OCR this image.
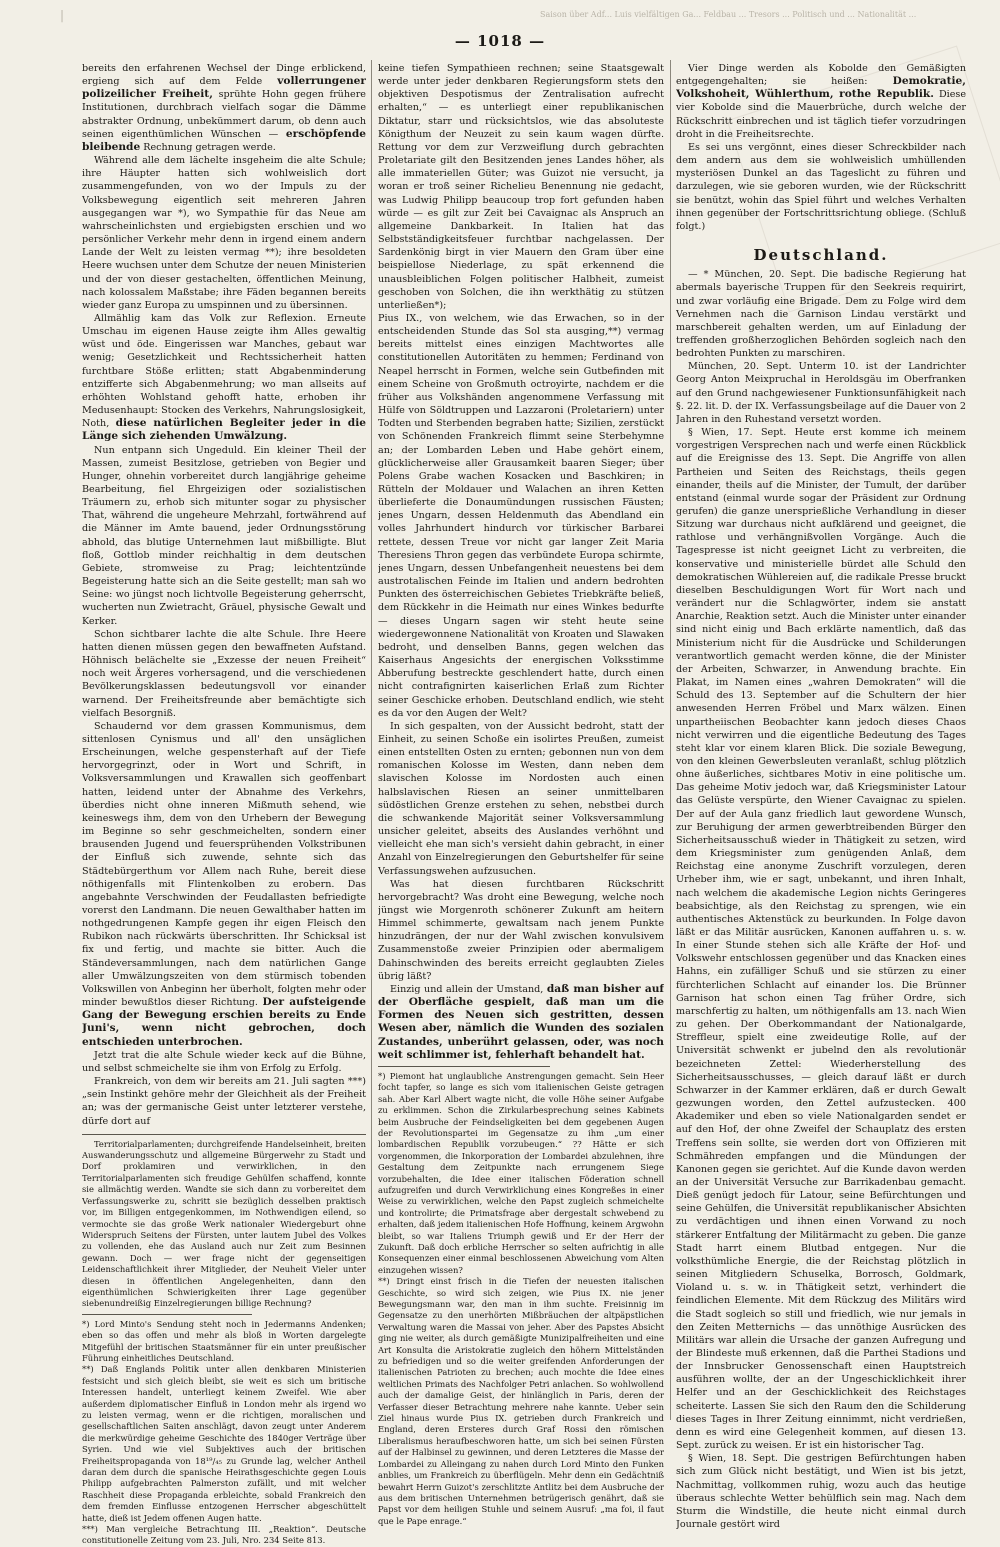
|	Saison über Adf... Luis vielfältigen Ga... Feldbau ... Tresors ... Politisch und ... Nationalität ...
— 1018 —

bereits den erfahrenen Wechsel der Dinge erblickend, ergieng sich auf dem Felde vollerrungener polizeilicher Freiheit, sprühte Hohn gegen frühere Institutionen, durchbrach vielfach sogar die Dämme abstrakter Ordnung, unbekümmert darum, ob denn auch seinen eigenthümlichen Wünschen — erschöpfende bleibende Rechnung getragen werde.

Während alle dem lächelte insgeheim die alte Schule; ihre Häupter hatten sich wohlweislich dort zusammengefunden, von wo der Impuls zu der Volksbewegung eigentlich seit mehreren Jahren ausgegangen war *), wo Sympathie für das Neue am wahrscheinlichsten und ergiebigsten erschien und wo persönlicher Verkehr mehr denn in irgend einem andern Lande der Welt zu leisten vermag **); ihre besoldeten Heere wuchsen unter dem Schutze der neuen Ministerien und der von dieser gestachelten, öffentlichen Meinung, nach kolossalem Maßstabe; ihre Fäden begannen bereits wieder ganz Europa zu umspinnen und zu übersinnen.

Allmählig kam das Volk zur Reflexion. Erneute Umschau im eigenen Hause zeigte ihm Alles gewaltig wüst und öde. Eingerissen war Manches, gebaut war wenig; Gesetzlichkeit und Rechtssicherheit hatten furchtbare Stöße erlitten; statt Abgabenminderung entzifferte sich Abgabenmehrung; wo man allseits auf erhöhten Wohlstand gehofft hatte, erhoben ihr Medusenhaupt: Stocken des Verkehrs, Nahrungslosigkeit, Noth, diese natürlichen Begleiter jeder in die Länge sich ziehenden Umwälzung.

Nun entpann sich Ungeduld. Ein kleiner Theil der Massen, zumeist Besitzlose, getrieben von Begier und Hunger, ohnehin vorbereitet durch langjährige geheime Bearbeitung, fiel Ehrgeizigen oder sozialistischen Träumern zu, erhob sich mitunter sogar zu physischer That, während die ungeheure Mehrzahl, fortwährend auf die Männer im Amte bauend, jeder Ordnungsstörung abhold, das blutige Unternehmen laut mißbilligte. Blut floß, Gottlob minder reichhaltig in dem deutschen Gebiete, stromweise zu Prag; leichtentzünde Begeisterung hatte sich an die Seite gestellt; man sah wo Seine: wo jüngst noch lichtvolle Begeisterung geherrscht, wucherten nun Zwietracht, Gräuel, physische Gewalt und Kerker.

Schon sichtbarer lachte die alte Schule. Ihre Heere hatten dienen müssen gegen den bewaffneten Aufstand. Höhnisch belächelte sie „Exzesse der neuen Freiheit“ noch weit Ärgeres vorhersagend, und die verschiedenen Bevölkerungsklassen bedeutungsvoll vor einander warnend. Der Freiheitsfreunde aber bemächtigte sich vielfach Besorgniß.

Schaudernd vor dem grassen Kommunismus, dem sittenlosen Cynismus und all' den unsäglichen Erscheinungen, welche gespensterhaft auf der Tiefe hervorgegrinzt, oder in Wort und Schrift, in Volksversammlungen und Krawallen sich geoffenbart hatten, leidend unter der Abnahme des Verkehrs, überdies nicht ohne inneren Mißmuth sehend, wie keineswegs ihm, dem von den Urhebern der Bewegung im Beginne so sehr geschmeichelten, sondern einer brausenden Jugend und feuersprühenden Volkstribunen der Einfluß sich zuwende, sehnte sich das Städtebürgerthum vor Allem nach Ruhe, bereit diese nöthigenfalls mit Flintenkolben zu erobern. Das angebahnte Verschwinden der Feudallasten befriedigte vorerst den Landmann. Die neuen Gewalthaber hatten im nothgedrungenen Kampfe gegen ihr eigen Fleisch den Rubikon nach rückwärts überschritten. Ihr Schicksal ist fix und fertig, und machte sie bitter. Auch die Ständeversammlungen, nach dem natürlichen Gange aller Umwälzungszeiten von dem stürmisch tobenden Volkswillen von Anbeginn her überholt, folgten mehr oder minder bewußtlos dieser Richtung. Der aufsteigende Gang der Bewegung erschien bereits zu Ende Juni's, wenn nicht gebrochen, doch entschieden unterbrochen.

Jetzt trat die alte Schule wieder keck auf die Bühne, und selbst schmeichelte sie ihm von Erfolg zu Erfolg.

Frankreich, von dem wir bereits am 21. Juli sagten ***) „sein Instinkt gehöre mehr der Gleichheit als der Freiheit an; was der germanische Geist unter letzterer verstehe, dürfe dort auf

Territorialparlamenten; durchgreifende Handelseinheit, breiten Auswanderungsschutz und allgemeine Bürgerwehr zu Stadt und Dorf proklamiren und verwirklichen, in den Territorialparlamenten sich freudige Gehülfen schaffend, konnte sie allmächtig werden. Wandte sie sich dann zu vorbereitet dem Verfassungswerke zu, schritt sie bezüglich desselben praktisch vor, im Billigen entgegenkommen, im Nothwendigen eilend, so vermochte sie das große Werk nationaler Wiedergeburt ohne Widerspruch Seitens der Fürsten, unter lautem Jubel des Volkes zu vollenden, ehe das Ausland auch nur Zeit zum Besinnen gewann. Doch — wer frage nicht der gegenseitigen Leidenschaftlichkeit ihrer Mitglieder, der Neuheit Vieler unter diesen in öffentlichen Angelegenheiten, dann den eigenthümlichen Schwierigkeiten ihrer Lage gegenüber siebenundreißig Einzelregierungen billige Rechnung?

*) Lord Minto's Sendung steht noch in Jedermanns Andenken; eben so das offen und mehr als bloß in Worten dargelegte Mitgefühl der britischen Staatsmänner für ein unter preußischer Führung einheitliches Deutschland.

**) Daß Englands Politik unter allen denkbaren Ministerien festsicht und sich gleich bleibt, sie weit es sich um britische Interessen handelt, unterliegt keinem Zweifel. Wie aber außerdem diplomatischer Einfluß in London mehr als irgend wo zu leisten vermag, wenn er die richtigen, moralischen und gesellschaftlichen Saiten anschlägt, davon zeugt unter Anderem die merkwürdige geheime Geschichte des 1840ger Verträge über Syrien. Und wie viel Subjektives auch der britischen Freiheitspropaganda von 18¹⁹/₄₅ zu Grunde lag, welcher Antheil daran dem durch die spanische Heirathsgeschichte gegen Louis Philipp aufgebrachten Palmerston zufällt, und mit welcher Raschheit diese Propaganda erbleichte, sobald Frankreich den dem fremden Einflusse entzogenen Herrscher abgeschüttelt hatte, dieß ist Jedem offenen Augen hatte.

***) Man vergleiche Betrachtung III. „Reaktion“. Deutsche constitutionelle Zeitung vom 23. Juli, Nro. 234 Seite 813.

keine tiefen Sympathieen rechnen; seine Staatsgewalt werde unter jeder denkbaren Regierungsform stets den objektiven Despotismus der Zentralisation aufrecht erhalten,“ — es unterliegt einer republikanischen Diktatur, starr und rücksichtslos, wie das absoluteste Königthum der Neuzeit zu sein kaum wagen dürfte. Rettung vor dem zur Verzweiflung durch gebrachten Proletariate gilt den Besitzenden jenes Landes höher, als alle immateriellen Güter; was Guizot nie versucht, ja woran er troß seiner Richelieu Benennung nie gedacht, was Ludwig Philipp beaucoup trop fort gefunden haben würde — es gilt zur Zeit bei Cavaignac als Anspruch an allgemeine Dankbarkeit. In Italien hat das Selbstständigkeitsfeuer furchtbar nachgelassen. Der Sardenkönig birgt in vier Mauern den Gram über eine beispiellose Niederlage, zu spät erkennend die unausbleiblichen Folgen politischer Halbheit, zumeist geschoben von Solchen, die ihn werkthätig zu stützen unterließen*);

Pius IX., von welchem, wie das Erwachen, so in der entscheidenden Stunde das Sol sta ausging,**) vermag bereits mittelst eines einzigen Machtwortes alle constitutionellen Autoritäten zu hemmen; Ferdinand von Neapel herrscht in Formen, welche sein Gutbefinden mit einem Scheine von Großmuth octroyirte, nachdem er die früher aus Volkshänden angenommene Verfassung mit Hülfe von Söldtruppen und Lazzaroni (Proletariern) unter Todten und Sterbenden begraben hatte; Sizilien, zerstückt von Schönenden Frankreich flimmt seine Sterbehymne an; der Lombarden Leben und Habe gehört einem, glücklicherweise aller Grausamkeit baaren Sieger; über Polens Grabe wachen Kosacken und Baschkiren; in Rütteln der Moldauer und Walachen an ihren Ketten überlieferte die Donaumündungen russischen Fäusten; jenes Ungarn, dessen Heldenmuth das Abendland ein volles Jahrhundert hindurch vor türkischer Barbarei rettete, dessen Treue vor nicht gar langer Zeit Maria Theresiens Thron gegen das verbündete Europa schirmte, jenes Ungarn, dessen Unbefangenheit neuestens bei dem austrotalischen Feinde im Italien und andern bedrohten Punkten des österreichischen Gebietes Triebkräfte beließ, dem Rückkehr in die Heimath nur eines Winkes bedurfte — dieses Ungarn sagen wir steht heute seine wiedergewonnene Nationalität von Kroaten und Slawaken bedroht, und denselben Banns, gegen welchen das Kaiserhaus Angesichts der energischen Volksstimme Abberufung bestreckte geschlendert hatte, durch einen nicht contrafignirten kaiserlichen Erlaß zum Richter seiner Geschicke erhoben. Deutschland endlich, wie steht es da vor den Augen der Welt?

In sich gespalten, von der Aussicht bedroht, statt der Einheit, zu seinen Schoße ein isolirtes Preußen, zumeist einen entstellten Osten zu ernten; gebonnen nun von dem romanischen Kolosse im Westen, dann neben dem slavischen Kolosse im Nordosten auch einen halbslavischen Riesen an seiner unmittelbaren südöstlichen Grenze erstehen zu sehen, nebstbei durch die schwankende Majorität seiner Volksversammlung unsicher geleitet, abseits des Auslandes verhöhnt und vielleicht ehe man sich's versieht dahin gebracht, in einer Anzahl von Einzelregierungen den Geburtshelfer für seine Verfassungswehen aufzusuchen.

Was hat diesen furchtbaren Rückschritt hervorgebracht? Was droht eine Bewegung, welche noch jüngst wie Morgenroth schönerer Zukunft am heitern Himmel schimmerte, gewaltsam nach jenem Punkte hinzudrängen, der nur der Wahl zwischen konvulsivem Zusammenstoße zweier Prinzipien oder abermaligem Dahinschwinden des bereits erreicht geglaubten Zieles übrig läßt?

Einzig und allein der Umstand, daß man bisher auf der Oberfläche gespielt, daß man um die Formen des Neuen sich gestritten, dessen Wesen aber, nämlich die Wunden des sozialen Zustandes, unberührt gelassen, oder, was noch weit schlimmer ist, fehlerhaft behandelt hat.

*) Piemont hat unglaubliche Anstrengungen gemacht. Sein Heer focht tapfer, so lange es sich vom italienischen Geiste getragen sah. Aber Karl Albert wagte nicht, die volle Höhe seiner Aufgabe zu erklimmen. Schon die Zirkularbesprechung seines Kabinets beim Ausbruche der Feindseligkeiten bei dem gegebenen Augen der Revolutionspartei im Gegensatze zu ihm „um einer lombardischen Republik vorzubeugen.“ ?? Hätte er sich vorgenommen, die Inkorporation der Lombardei abzulehnen, ihre Gestaltung dem Zeitpunkte nach errungenem Siege vorzubehalten, die Idee einer italischen Föderation schnell aufzugreifen und durch Verwirklichung eines Kongreßes in einer Weise zu verwirklichen, welche den Papst zugleich schmeichelte und kontrolirte; die Primatsfrage aber dergestalt schwebend zu erhalten, daß jedem italienischen Hofe Hoffnung, keinem Argwohn bleibt, so war Italiens Triumph gewiß und Er der Herr der Zukunft. Daß doch erbliche Herrscher so selten aufrichtig in alle Konsequenzen einer einmal beschlossenen Abweichung vom Alten einzugehen wissen?

**) Dringt einst frisch in die Tiefen der neuesten italischen Geschichte, so wird sich zeigen, wie Pius IX. nie jener Bewegungsmann war, den man in ihm suchte. Freisinnig im Gegensatze zu den unerhörten Mißbräuchen der altpäpstlichen Verwaltung waren die Massai von jeher. Aber des Papstes Absicht ging nie weiter, als durch gemäßigte Munizipalfreiheiten und eine Art Konsulta die Aristokratie zugleich den höhern Mittelständen zu befriedigen und so die weiter greifenden Anforderungen der italienischen Patrioten zu brechen; auch mochte die Idee eines weltlichen Primats des Nachfolger Petri anlachen. So wohlwollend auch der damalige Geist, der hinlänglich in Paris, deren der Verfasser dieser Betrachtung mehrere nahe kannte. Ueber sein Ziel hinaus wurde Pius IX. getrieben durch Frankreich und England, deren Ersteres durch Graf Rossi den römischen Liberalismus heraufbeschworen hatte, um sich bei seinen Fürsten auf der Halbinsel zu gewinnen, und deren Letzteres die Masse der Lombardei zu Alleingang zu nahen durch Lord Minto den Funken anblies, um Frankreich zu überflügeln. Mehr denn ein Gedächtniß bewahrt Herrn Guizot's zerschlitzte Antlitz bei dem Ausbruche der aus dem britischen Unternehmen betrügerisch genährt, daß sie Papst vor dem heiligen Stuhle und seinem Ausruf: „ma foi, il faut que le Pape enrage.“

Vier Dinge werden als Kobolde den Gemäßigten entgegengehalten; sie heißen: Demokratie, Volkshoheit, Wühlerthum, rothe Republik. Diese vier Kobolde sind die Mauerbrüche, durch welche der Rückschritt einbrechen und ist täglich tiefer vorzudringen droht in die Freiheitsrechte.

Es sei uns vergönnt, eines dieser Schreckbilder nach dem andern aus dem sie wohlweislich umhüllenden mysteriösen Dunkel an das Tageslicht zu führen und darzulegen, wie sie geboren wurden, wie der Rückschritt sie benützt, wohin das Spiel führt und welches Verhalten ihnen gegenüber der Fortschrittsrichtung obliege. (Schluß folgt.)

Deutschland.

— * München, 20. Sept. Die badische Regierung hat abermals bayerische Truppen für den Seekreis requirirt, und zwar vorläufig eine Brigade. Dem zu Folge wird dem Vernehmen nach die Garnison Lindau verstärkt und marschbereit gehalten werden, um auf Einladung der treffenden großherzoglichen Behörden sogleich nach den bedrohten Punkten zu marschiren.

München, 20. Sept. Unterm 10. ist der Landrichter Georg Anton Meixpruchal in Heroldsgäu im Oberfranken auf den Grund nachgewiesener Funktionsunfähigkeit nach §. 22. lit. D. der IX. Verfassungsbeilage auf die Dauer von 2 Jahren in den Ruhestand versetzt worden.

§ Wien, 17. Sept. Heute erst komme ich meinem vorgestrigen Versprechen nach und werfe einen Rückblick auf die Ereignisse des 13. Sept. Die Angriffe von allen Partheien und Seiten des Reichstags, theils gegen einander, theils auf die Minister, der Tumult, der darüber entstand (einmal wurde sogar der Präsident zur Ordnung gerufen) die ganze unersprießliche Verhandlung in dieser Sitzung war durchaus nicht aufklärend und geeignet, die rathlose und verhängnißvollen Vorgänge. Auch die Tagespresse ist nicht geeignet Licht zu verbreiten, die konservative und ministerielle bürdet alle Schuld den demokratischen Wühlereien auf, die radikale Presse bruckt dieselben Beschuldigungen Wort für Wort nach und verändert nur die Schlagwörter, indem sie anstatt Anarchie, Reaktion setzt. Auch die Minister unter einander sind nicht einig und Bach erklärte namentlich, daß das Ministerium nicht für die Ausdrücke und Schilderungen verantwortlich gemacht werden könne, die der Minister der Arbeiten, Schwarzer, in Anwendung brachte. Ein Plakat, im Namen eines „wahren Demokraten“ will die Schuld des 13. September auf die Schultern der hier anwesenden Herren Fröbel und Marx wälzen. Einen unpartheiischen Beobachter kann jedoch dieses Chaos nicht verwirren und die eigentliche Bedeutung des Tages steht klar vor einem klaren Blick. Die soziale Bewegung, von den kleinen Gewerbsleuten veranlaßt, schlug plötzlich ohne äußerliches, sichtbares Motiv in eine politische um. Das geheime Motiv jedoch war, daß Kriegsminister Latour das Gelüste verspürte, den Wiener Cavaignac zu spielen. Der auf der Aula ganz friedlich laut gewordene Wunsch, zur Beruhigung der armen gewerbtreibenden Bürger den Sicherheitsausschuß wieder in Thätigkeit zu setzen, wird dem Kriegsminister zum genügenden Anlaß, dem Reichstag eine anonyme Zuschrift vorzulegen, deren Urheber ihm, wie er sagt, unbekannt, und ihren Inhalt, nach welchem die akademische Legion nichts Geringeres beabsichtige, als den Reichstag zu sprengen, wie ein authentisches Aktenstück zu beurkunden. In Folge davon läßt er das Militär ausrücken, Kanonen auffahren u. s. w. In einer Stunde stehen sich alle Kräfte der Hof- und Volkswehr entschlossen gegenüber und das Knacken eines Hahns, ein zufälliger Schuß und sie stürzen zu einer fürchterlichen Schlacht auf einander los. Die Brünner Garnison hat schon einen Tag früher Ordre, sich marschfertig zu halten, um nöthigenfalls am 13. nach Wien zu gehen. Der Oberkommandant der Nationalgarde, Streffleur, spielt eine zweideutige Rolle, auf der Universität schwenkt er jubelnd den als revolutionär bezeichneten Zettel: Wiederherstellung des Sicherheitsausschusses, — gleich darauf läßt er durch Schwarzer in der Kammer erklären, daß er durch Gewalt gezwungen worden, den Zettel aufzustecken. 400 Akademiker und eben so viele Nationalgarden sendet er auf den Hof, der ohne Zweifel der Schauplatz des ersten Treffens sein sollte, sie werden dort von Offizieren mit Schmähreden empfangen und die Mündungen der Kanonen gegen sie gerichtet. Auf die Kunde davon werden an der Universität Versuche zur Barrikadenbau gemacht. Dieß genügt jedoch für Latour, seine Befürchtungen und seine Gehülfen, die Universität republikanischer Absichten zu verdächtigen und ihnen einen Vorwand zu noch stärkerer Entfaltung der Militärmacht zu geben. Die ganze Stadt harrt einem Blutbad entgegen. Nur die volksthümliche Energie, die der Reichstag plötzlich in seinen Mitgliedern Schuselka, Borrosch, Goldmark, Violand u. s. w. in Thätigkeit setzt, verhindert die feindlichen Elemente. Mit dem Rückzug des Militärs wird die Stadt sogleich so still und friedlich, wie nur jemals in den Zeiten Metternichs — das unnöthige Ausrücken des Militärs war allein die Ursache der ganzen Aufregung und der Blindeste muß erkennen, daß die Parthei Stadions und der Innsbrucker Genossenschaft einen Hauptstreich ausführen wollte, der an der Ungeschicklichkeit ihrer Helfer und an der Geschicklichkeit des Reichstages scheiterte. Lassen Sie sich den Raum den die Schilderung dieses Tages in Ihrer Zeitung einnimmt, nicht verdrießen, denn es wird eine Gelegenheit kommen, auf diesen 13. Sept. zurück zu weisen. Er ist ein historischer Tag.

§ Wien, 18. Sept. Die gestrigen Befürchtungen haben sich zum Glück nicht bestätigt, und Wien ist bis jetzt, Nachmittag, vollkommen ruhig, wozu auch das heutige überaus schlechte Wetter behülflich sein mag. Nach dem Sturm die Windstille, die heute nicht einmal durch Journale gestört wird
